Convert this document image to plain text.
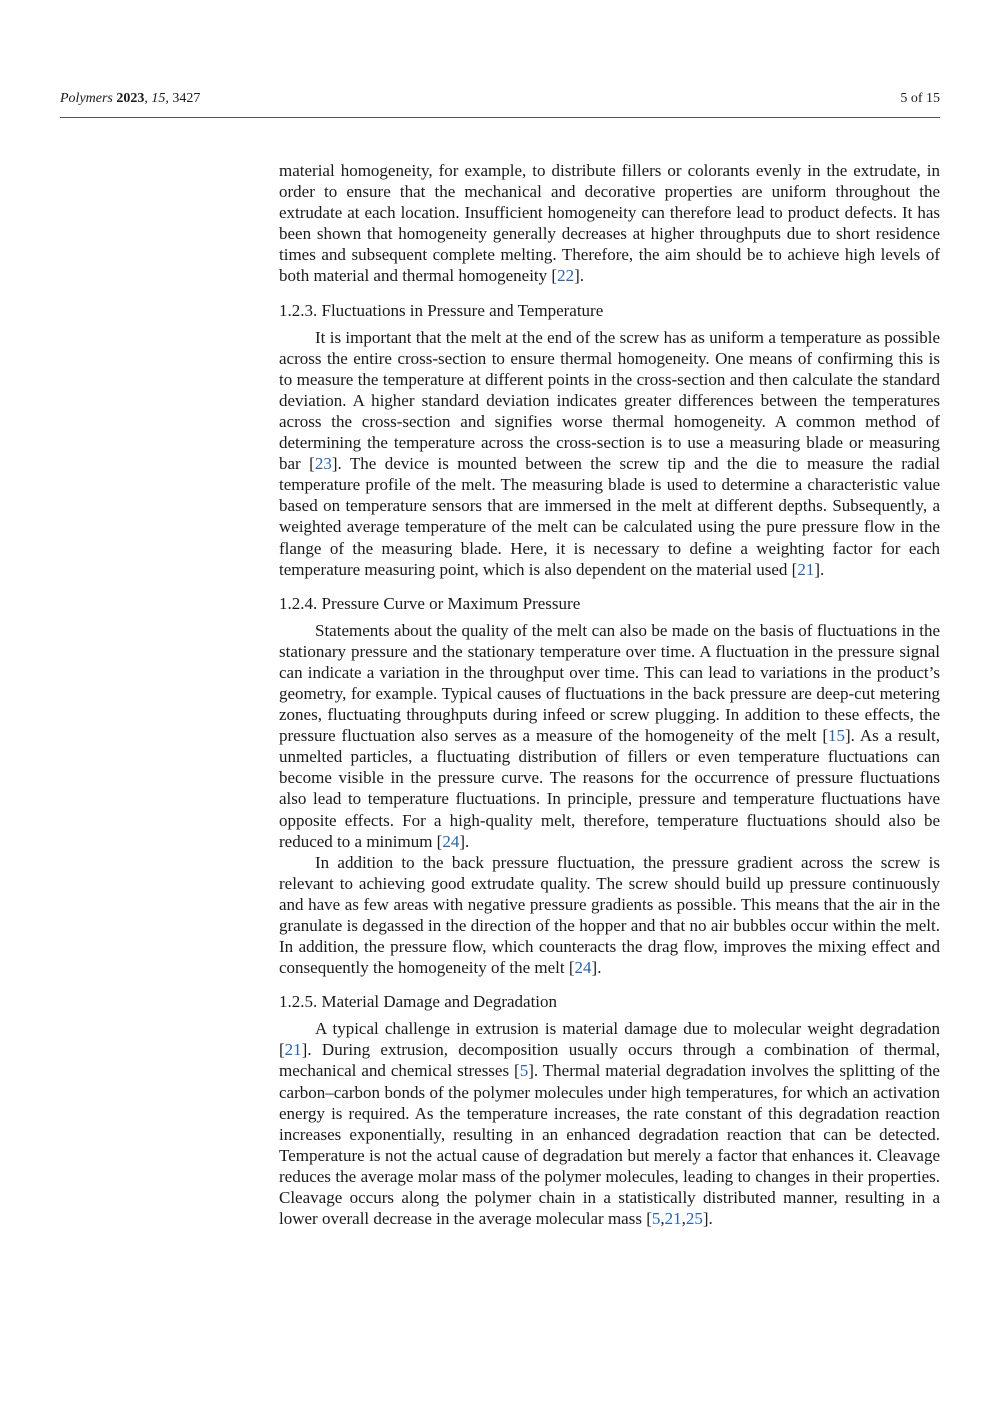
Polymers 2023, 15, 3427	5 of 15

material homogeneity, for example, to distribute fillers or colorants evenly in the extrudate, in order to ensure that the mechanical and decorative properties are uniform throughout the extrudate at each location. Insufficient homogeneity can therefore lead to product defects. It has been shown that homogeneity generally decreases at higher throughputs due to short residence times and subsequent complete melting. Therefore, the aim should be to achieve high levels of both material and thermal homogeneity [22].

1.2.3. Fluctuations in Pressure and Temperature

It is important that the melt at the end of the screw has as uniform a temperature as possible across the entire cross-section to ensure thermal homogeneity. One means of confirming this is to measure the temperature at different points in the cross-section and then calculate the standard deviation. A higher standard deviation indicates greater differences between the temperatures across the cross-section and signifies worse thermal homogeneity. A common method of determining the temperature across the cross-section is to use a measuring blade or measuring bar [23]. The device is mounted between the screw tip and the die to measure the radial temperature profile of the melt. The measuring blade is used to determine a characteristic value based on temperature sensors that are immersed in the melt at different depths. Subsequently, a weighted average temperature of the melt can be calculated using the pure pressure flow in the flange of the measuring blade. Here, it is necessary to define a weighting factor for each temperature measuring point, which is also dependent on the material used [21].

1.2.4. Pressure Curve or Maximum Pressure

Statements about the quality of the melt can also be made on the basis of fluctuations in the stationary pressure and the stationary temperature over time. A fluctuation in the pressure signal can indicate a variation in the throughput over time. This can lead to variations in the product’s geometry, for example. Typical causes of fluctuations in the back pressure are deep-cut metering zones, fluctuating throughputs during infeed or screw plugging. In addition to these effects, the pressure fluctuation also serves as a measure of the homogeneity of the melt [15]. As a result, unmelted particles, a fluctuating distribution of fillers or even temperature fluctuations can become visible in the pressure curve. The reasons for the occurrence of pressure fluctuations also lead to temperature fluctuations. In principle, pressure and temperature fluctuations have opposite effects. For a high-quality melt, therefore, temperature fluctuations should also be reduced to a minimum [24].

In addition to the back pressure fluctuation, the pressure gradient across the screw is relevant to achieving good extrudate quality. The screw should build up pressure continuously and have as few areas with negative pressure gradients as possible. This means that the air in the granulate is degassed in the direction of the hopper and that no air bubbles occur within the melt. In addition, the pressure flow, which counteracts the drag flow, improves the mixing effect and consequently the homogeneity of the melt [24].

1.2.5. Material Damage and Degradation

A typical challenge in extrusion is material damage due to molecular weight degradation [21]. During extrusion, decomposition usually occurs through a combination of thermal, mechanical and chemical stresses [5]. Thermal material degradation involves the splitting of the carbon–carbon bonds of the polymer molecules under high temperatures, for which an activation energy is required. As the temperature increases, the rate constant of this degradation reaction increases exponentially, resulting in an enhanced degradation reaction that can be detected. Temperature is not the actual cause of degradation but merely a factor that enhances it. Cleavage reduces the average molar mass of the polymer molecules, leading to changes in their properties. Cleavage occurs along the polymer chain in a statistically distributed manner, resulting in a lower overall decrease in the average molecular mass [5,21,25].
